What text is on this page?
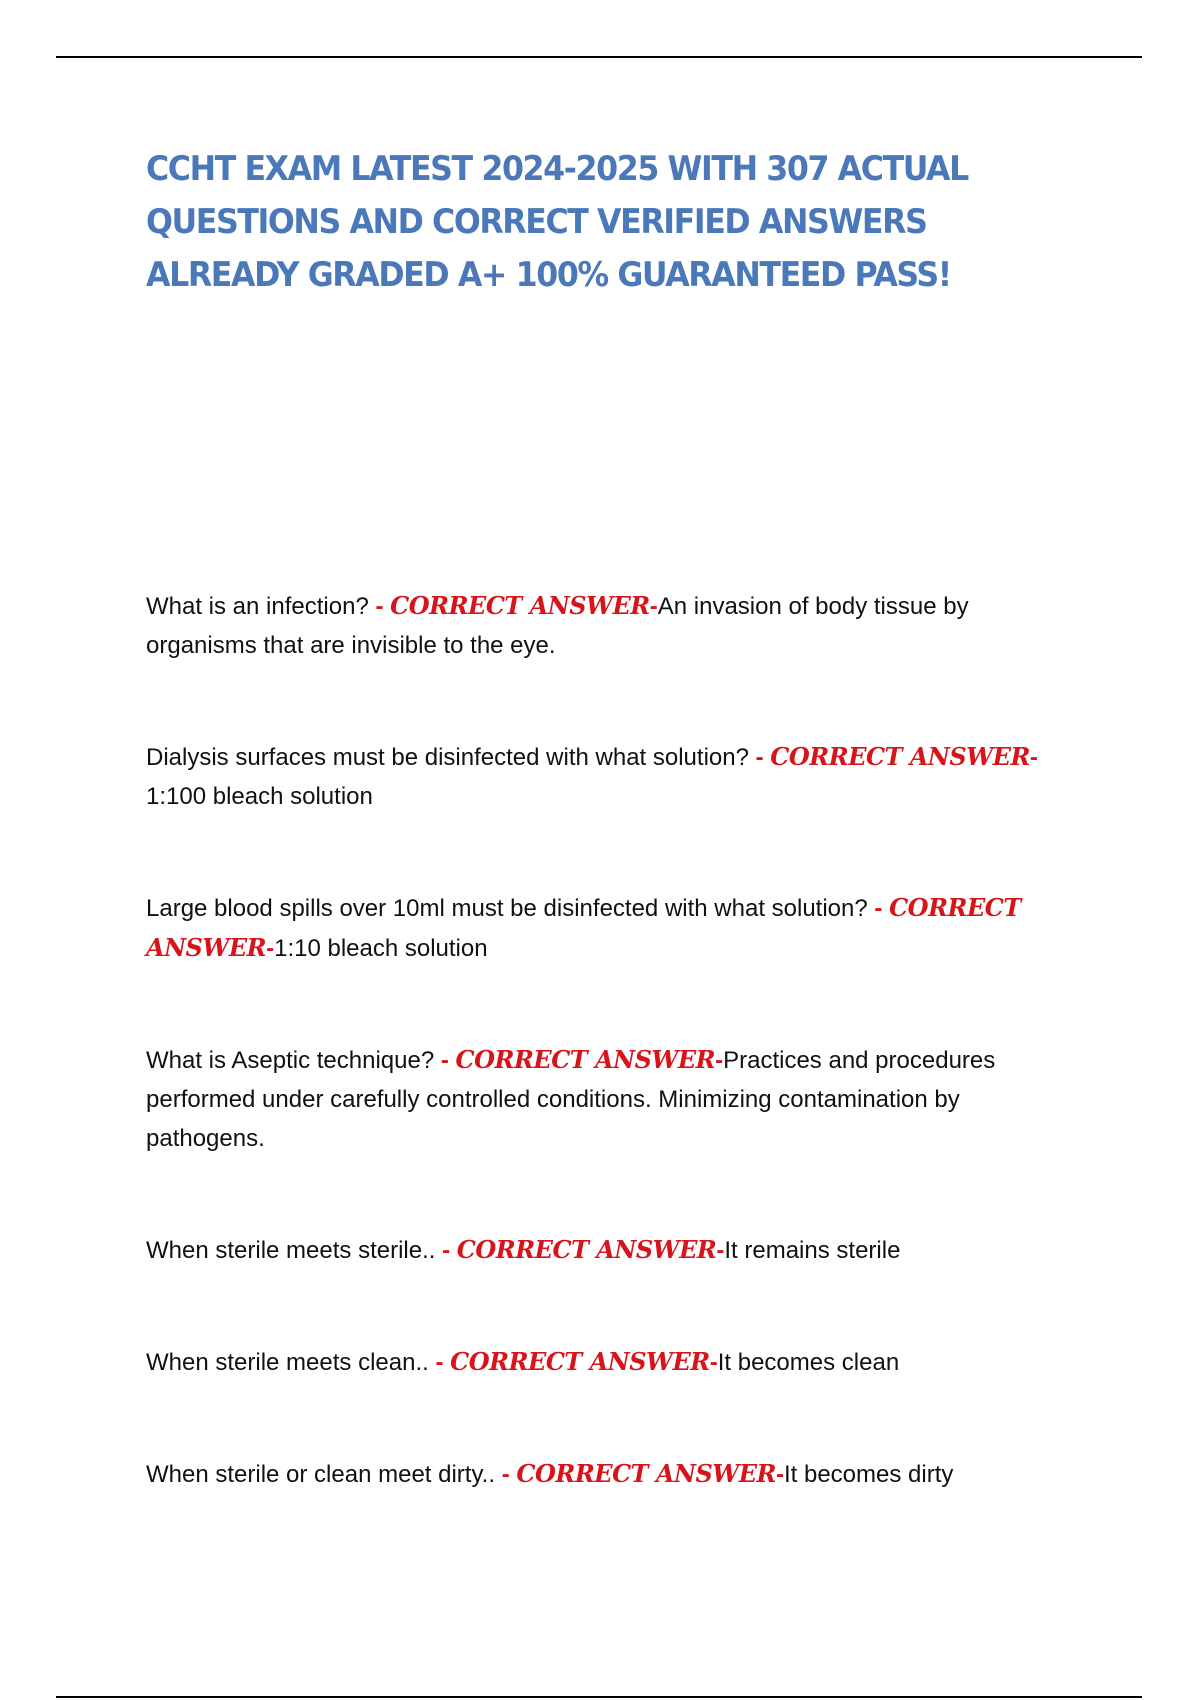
CCHT EXAM LATEST 2024-2025 WITH 307 ACTUAL QUESTIONS AND CORRECT VERIFIED ANSWERS ALREADY GRADED A+ 100% GUARANTEED PASS!
What is an infection? - CORRECT ANSWER-An invasion of body tissue by organisms that are invisible to the eye.
Dialysis surfaces must be disinfected with what solution? - CORRECT ANSWER-1:100 bleach solution
Large blood spills over 10ml must be disinfected with what solution? - CORRECT ANSWER-1:10 bleach solution
What is Aseptic technique? - CORRECT ANSWER-Practices and procedures performed under carefully controlled conditions. Minimizing contamination by pathogens.
When sterile meets sterile.. - CORRECT ANSWER-It remains sterile
When sterile meets clean.. - CORRECT ANSWER-It becomes clean
When sterile or clean meet dirty.. - CORRECT ANSWER-It becomes dirty
